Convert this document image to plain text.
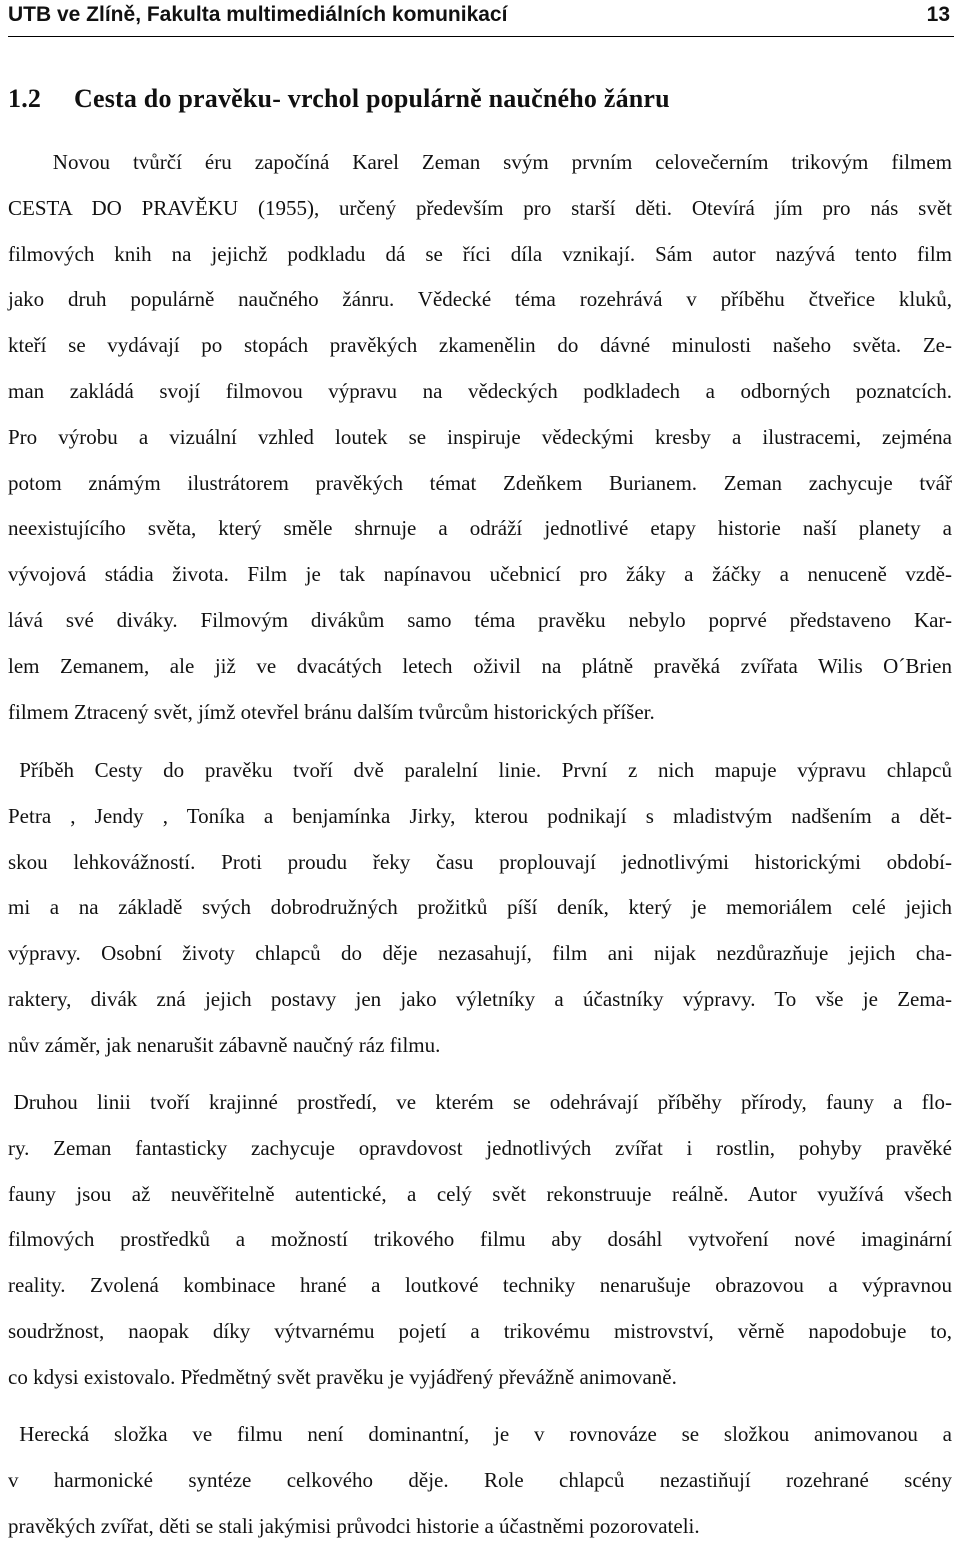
UTB ve Zlíně, Fakulta multimediálních komunikací	13
1.2 Cesta do pravěku- vrchol populárně naučného žánru
Novou tvůrčí éru započíná Karel Zeman svým prvním celovečerním trikovým filmem
CESTA DO PRAVĚKU (1955), určený především pro starší děti. Otevírá jím pro nás svět
filmových knih na jejichž podkladu dá se říci díla vznikají. Sám autor nazývá tento film
jako druh populárně naučného žánru. Vědecké téma rozehrává v příběhu čtveřice kluků,
kteří se vydávají po stopách pravěkých zkamenělin do dávné minulosti našeho světa. Ze-
man zakládá svojí filmovou výpravu na vědeckých podkladech a odborných poznatcích.
Pro výrobu a vizuální vzhled loutek se inspiruje vědeckými kresby a ilustracemi, zejména
potom známým ilustrátorem pravěkých témat Zdeňkem Burianem. Zeman zachycuje tvář
neexistujícího světa, který směle shrnuje a odráží jednotlivé etapy historie naší planety a
vývojová stádia života. Film je tak napínavou učebnicí pro žáky a žáčky a nenuceně vzdě-
lává své diváky. Filmovým divákům samo téma pravěku nebylo poprvé představeno Kar-
lem Zemanem, ale již ve dvacátých letech oživil na plátně pravěká zvířata Wilis O´Brien
filmem Ztracený svět, jímž otevřel bránu dalším tvůrcům historických příšer.
Příběh Cesty do pravěku tvoří dvě paralelní linie. První z nich mapuje výpravu chlapců
Petra , Jendy , Toníka a benjamínka Jirky, kterou podnikají s mladistvým nadšením a dět-
skou lehkovážností. Proti proudu řeky času proplouvají jednotlivými historickými období-
mi a na základě svých dobrodružných prožitků píší deník, který je memoriálem celé jejich
výpravy. Osobní životy chlapců do děje nezasahují, film ani nijak nezdůrazňuje jejich cha-
raktery, divák zná jejich postavy jen jako výletníky a účastníky výpravy. To vše je Zema-
nův záměr, jak nenarušit zábavně naučný ráz filmu.
Druhou linii tvoří krajinné prostředí, ve kterém se odehrávají příběhy přírody, fauny a flo-
ry. Zeman fantasticky zachycuje opravdovost jednotlivých zvířat i rostlin, pohyby pravěké
fauny jsou až neuvěřitelně autentické, a celý svět rekonstruuje reálně. Autor využívá všech
filmových prostředků a možností trikového filmu aby dosáhl vytvoření nové imaginární
reality. Zvolená kombinace hrané a loutkové techniky nenarušuje obrazovou a výpravnou
soudržnost, naopak díky výtvarnému pojetí a trikovému mistrovství, věrně napodobuje to,
co kdysi existovalo. Předmětný svět pravěku je vyjádřený převážně animovaně.
Herecká složka ve filmu není dominantní, je v rovnováze se složkou animovanou a
v harmonické syntéze celkového děje. Role chlapců nezastiňují rozehrané scény
pravěkých zvířat, děti se stali jakýmisi průvodci historie a účastněmi pozorovateli.
